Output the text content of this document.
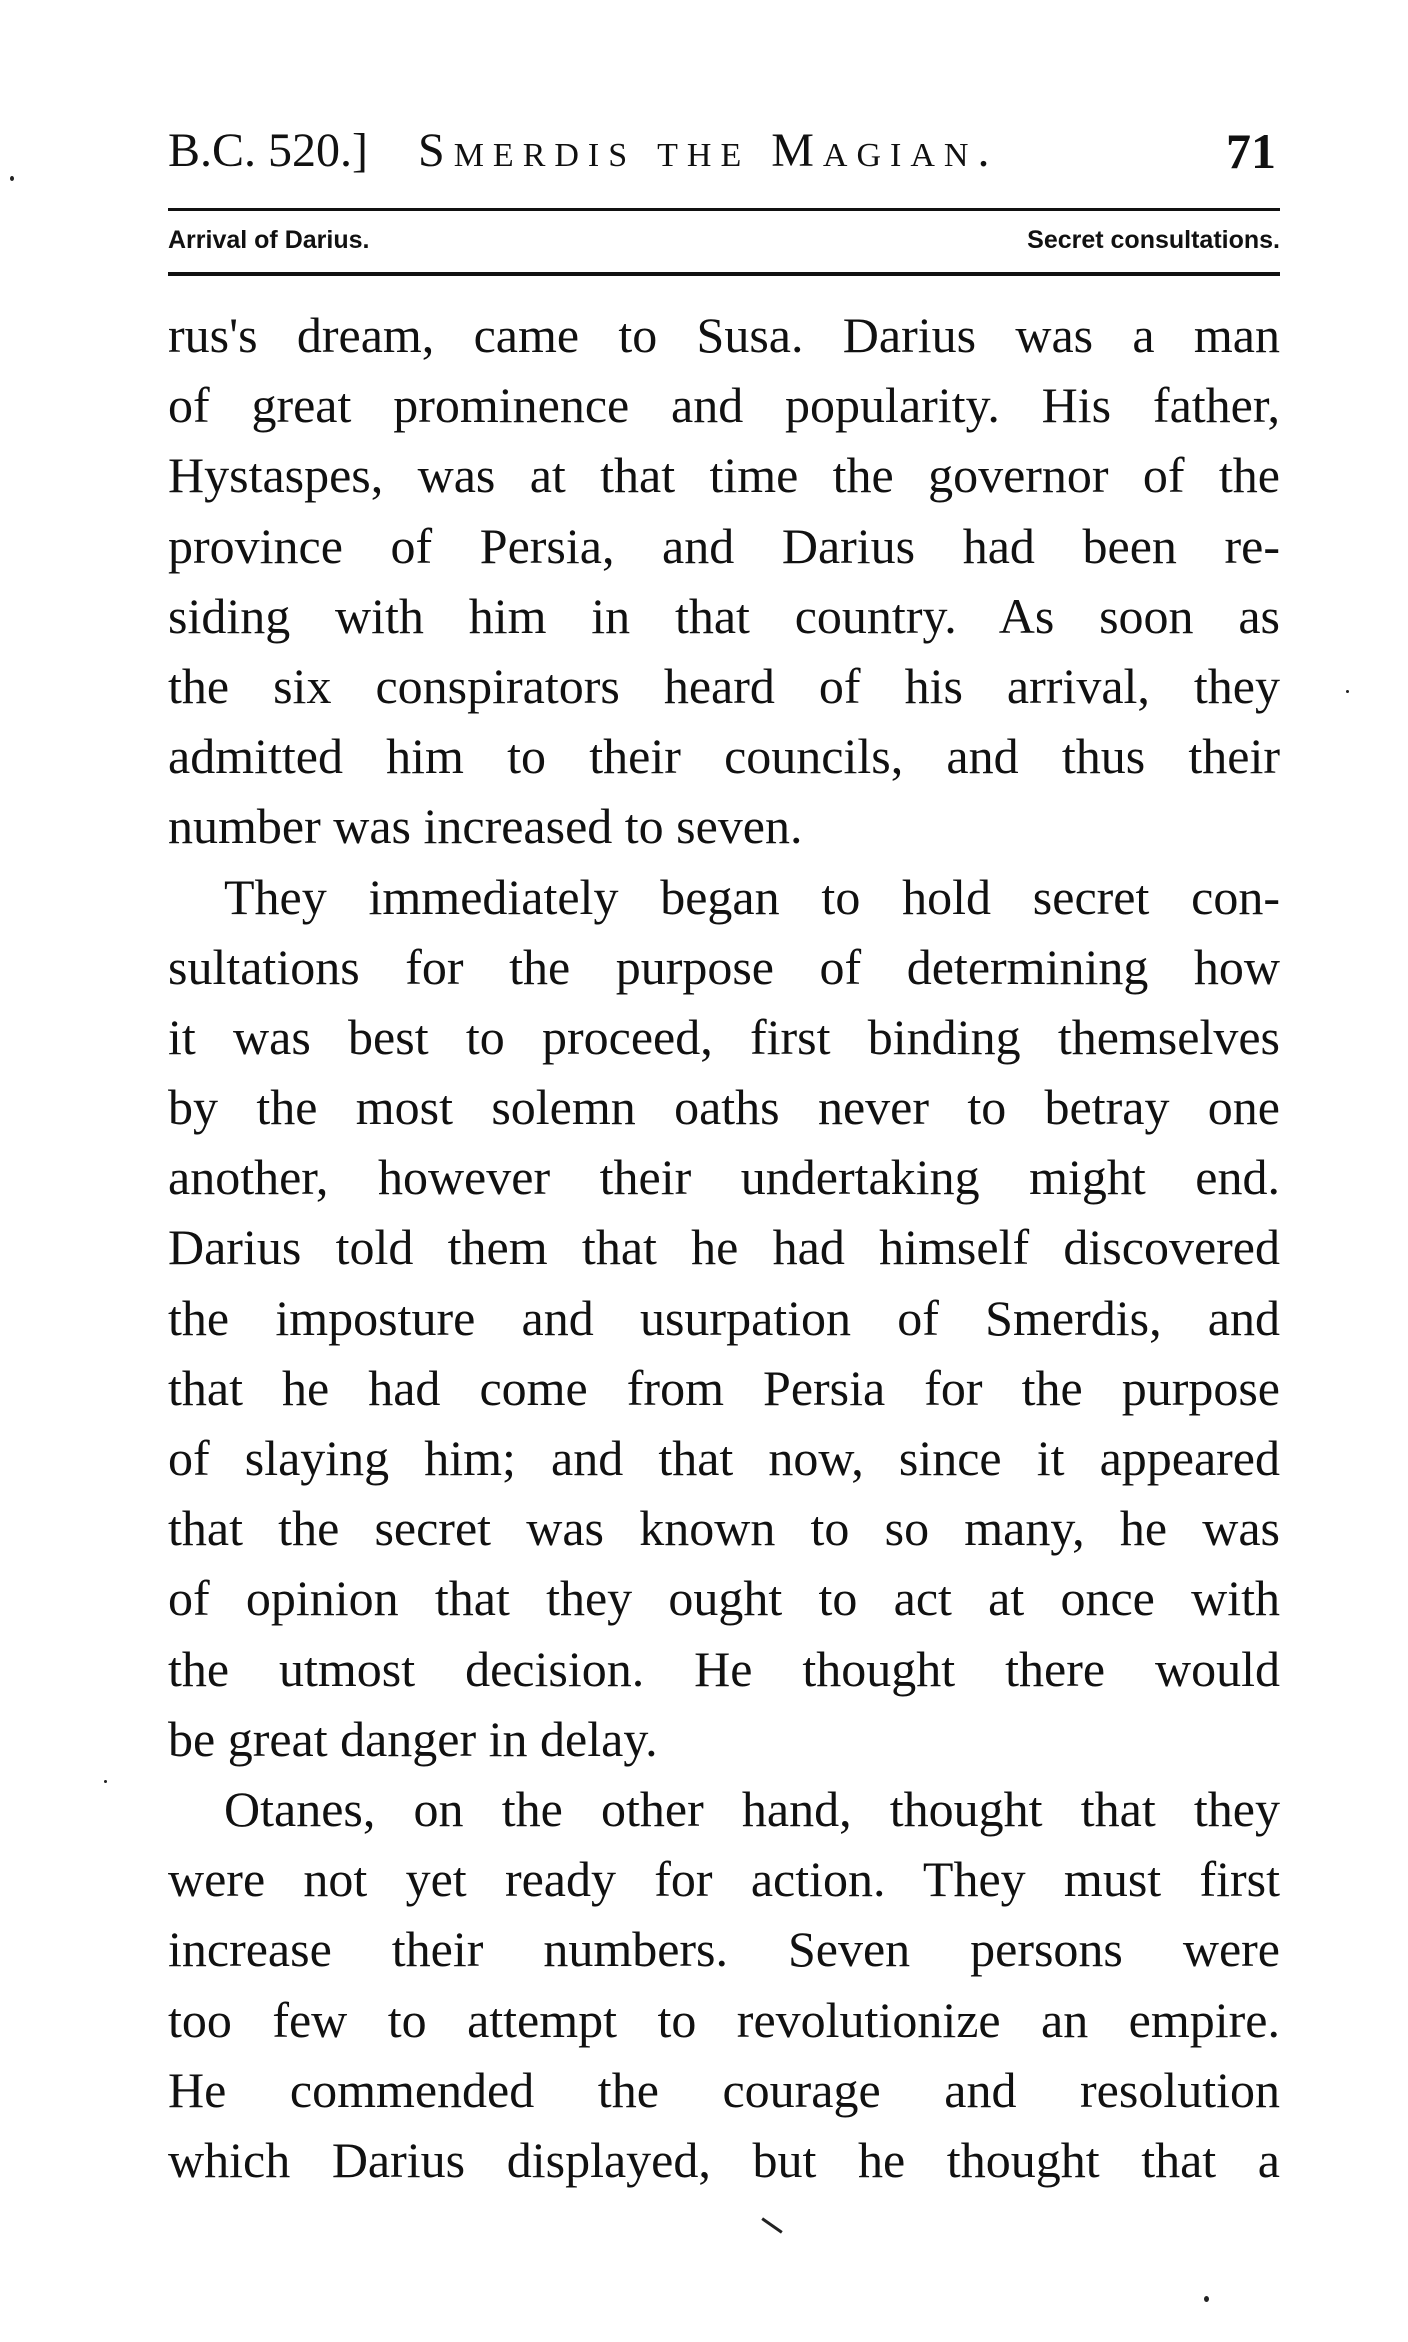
B.C. 520.] Smerdis the Magian.	71
Arrival of Darius.	Secret consultations.
rus's dream, came to Susa. Darius was a man
of great prominence and popularity. His father,
Hystaspes, was at that time the governor of the
province of Persia, and Darius had been re-
siding with him in that country. As soon as
the six conspirators heard of his arrival, they
admitted him to their councils, and thus their
number was increased to seven.
They immediately began to hold secret con-
sultations for the purpose of determining how
it was best to proceed, first binding themselves
by the most solemn oaths never to betray one
another, however their undertaking might end.
Darius told them that he had himself discovered
the imposture and usurpation of Smerdis, and
that he had come from Persia for the purpose
of slaying him; and that now, since it appeared
that the secret was known to so many, he was
of opinion that they ought to act at once with
the utmost decision. He thought there would
be great danger in delay.
Otanes, on the other hand, thought that they
were not yet ready for action. They must first
increase their numbers. Seven persons were
too few to attempt to revolutionize an empire.
He commended the courage and resolution
which Darius displayed, but he thought that a
